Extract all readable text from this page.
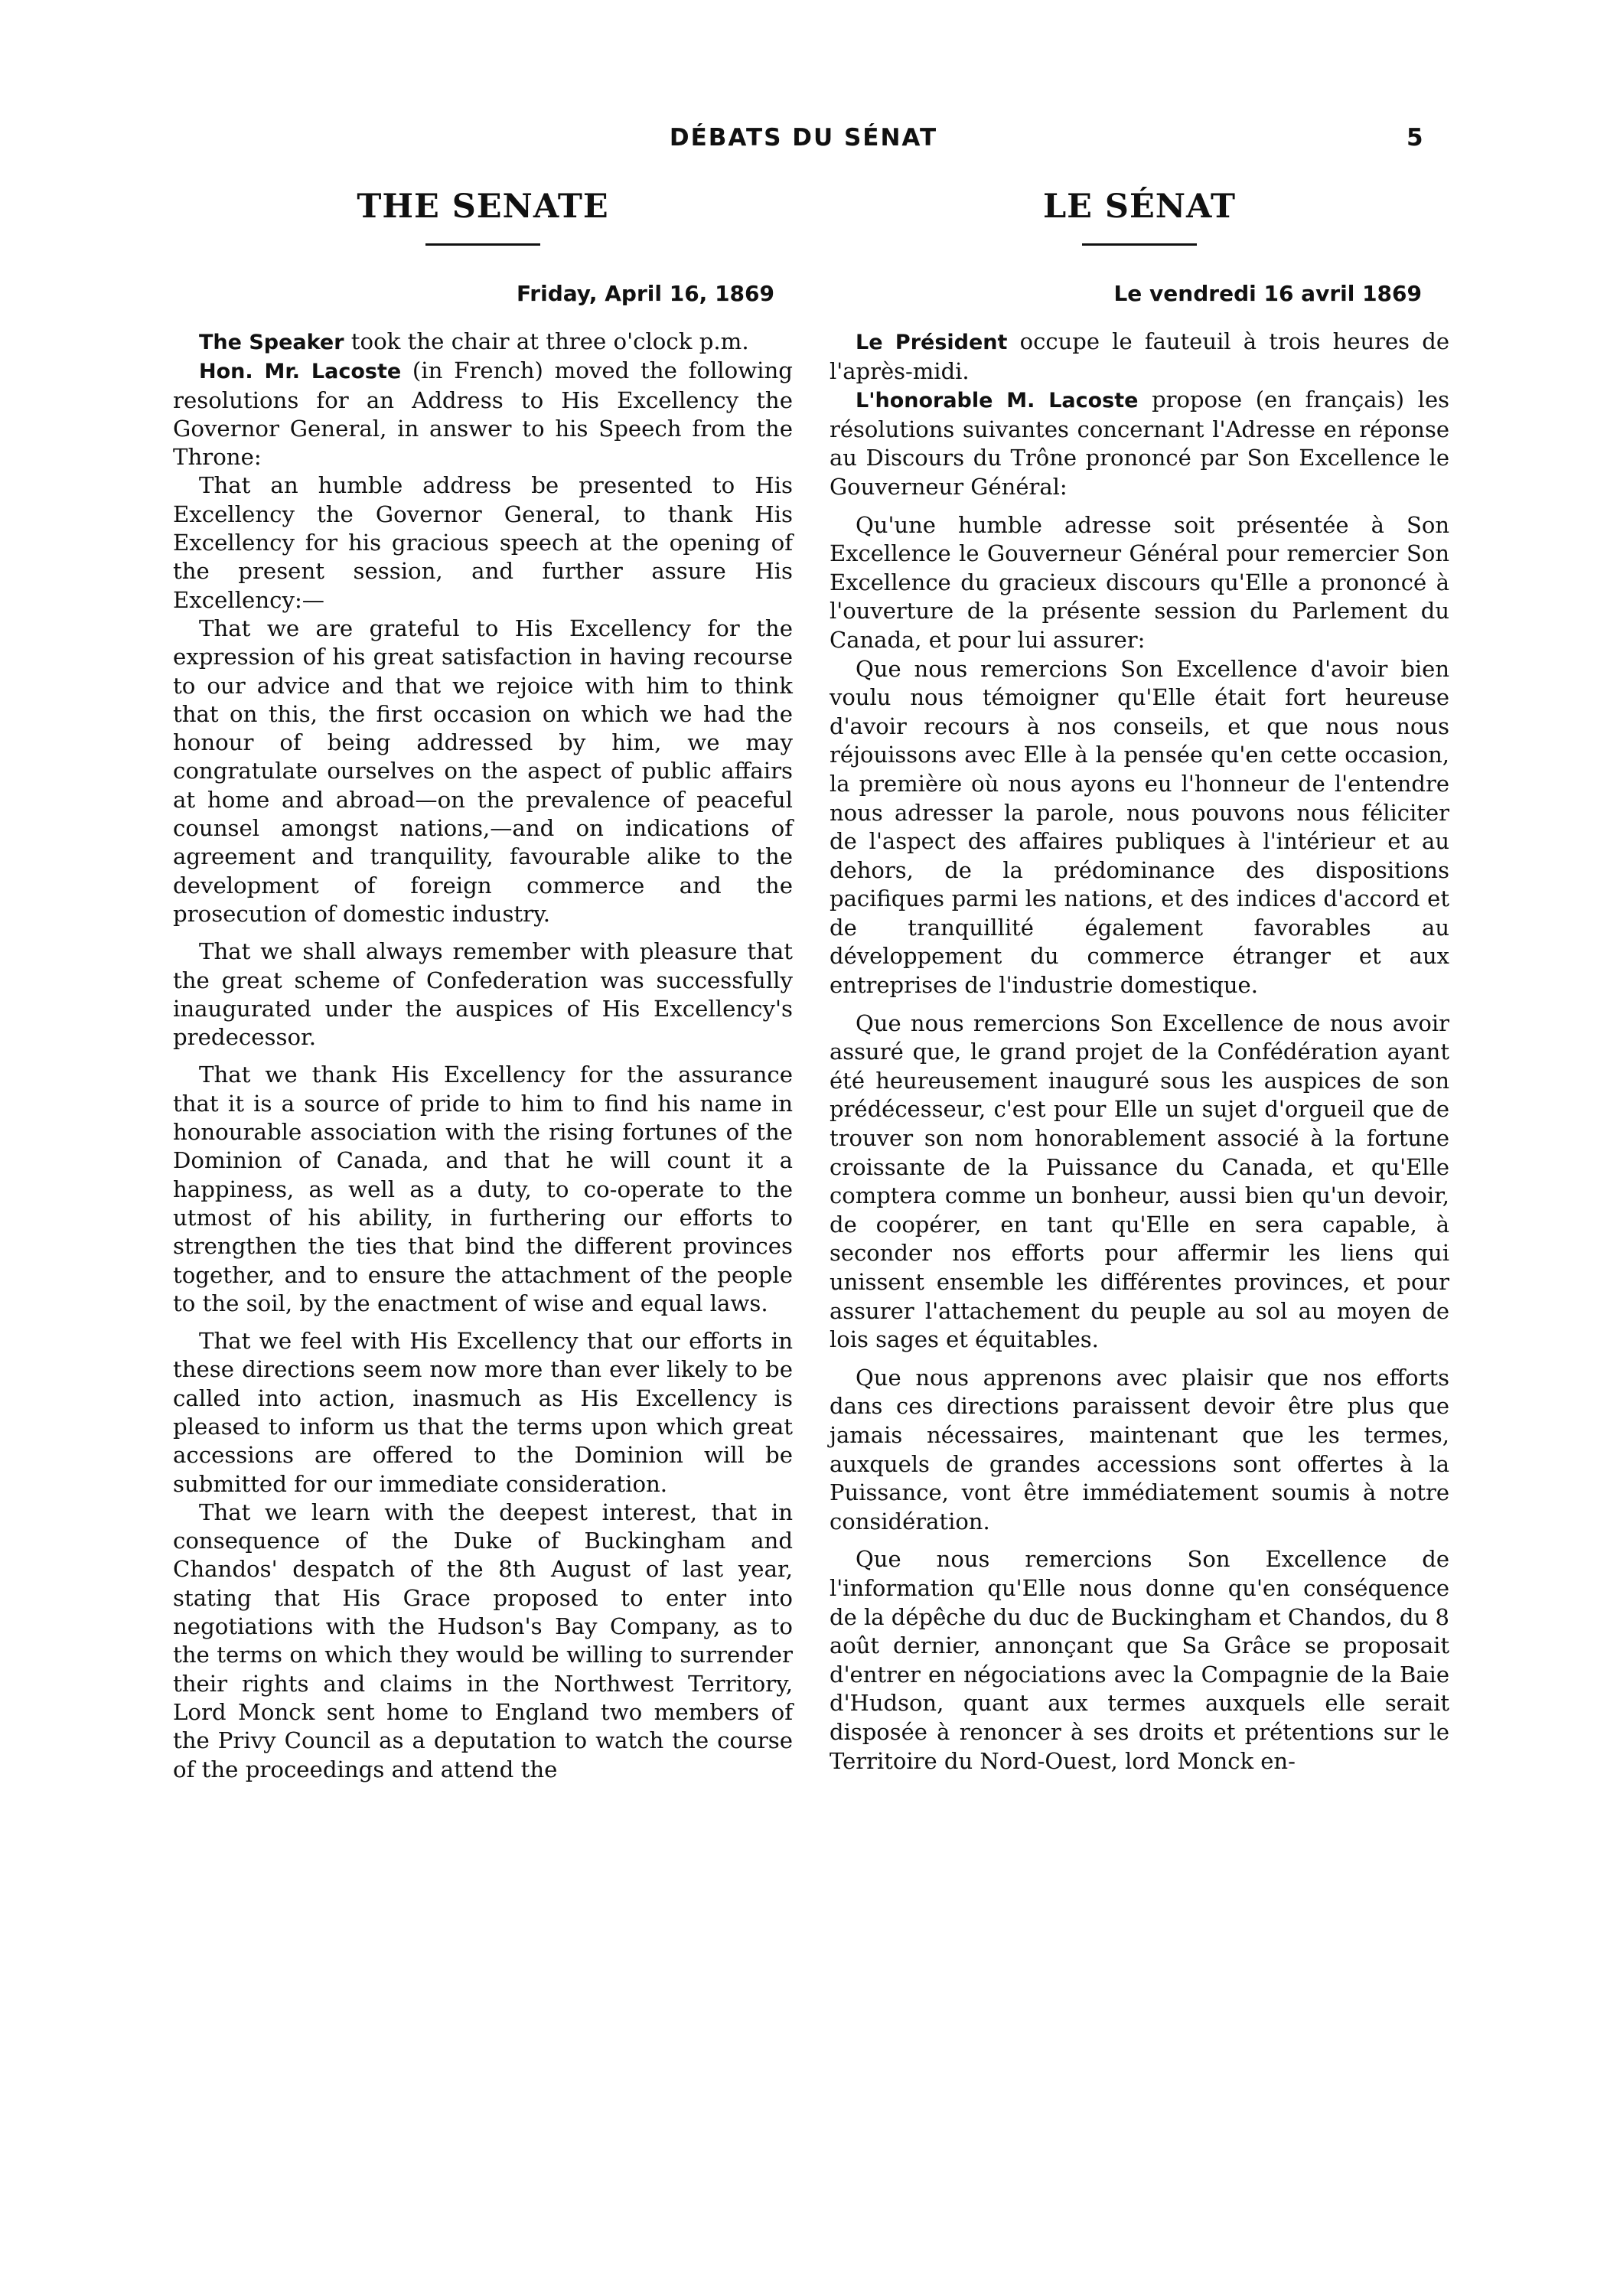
DÉBATS DU SÉNAT	5
THE SENATE
Friday, April 16, 1869

The Speaker took the chair at three o'clock p.m.

Hon. Mr. Lacoste (in French) moved the following resolutions for an Address to His Excellency the Governor General, in answer to his Speech from the Throne:

That an humble address be presented to His Excellency the Governor General, to thank His Excellency for his gracious speech at the opening of the present session, and further assure His Excellency:—

That we are grateful to His Excellency for the expression of his great satisfaction in having recourse to our advice and that we rejoice with him to think that on this, the first occasion on which we had the honour of being addressed by him, we may congratulate ourselves on the aspect of public affairs at home and abroad—on the prevalence of peaceful counsel amongst nations,—and on indications of agreement and tranquility, favourable alike to the development of foreign commerce and the prosecution of domestic industry.

That we shall always remember with pleasure that the great scheme of Confederation was successfully inaugurated under the auspices of His Excellency's predecessor.

That we thank His Excellency for the assurance that it is a source of pride to him to find his name in honourable association with the rising fortunes of the Dominion of Canada, and that he will count it a happiness, as well as a duty, to co-operate to the utmost of his ability, in furthering our efforts to strengthen the ties that bind the different provinces together, and to ensure the attachment of the people to the soil, by the enactment of wise and equal laws.

That we feel with His Excellency that our efforts in these directions seem now more than ever likely to be called into action, inasmuch as His Excellency is pleased to inform us that the terms upon which great accessions are offered to the Dominion will be submitted for our immediate consideration.

That we learn with the deepest interest, that in consequence of the Duke of Buckingham and Chandos' despatch of the 8th August of last year, stating that His Grace proposed to enter into negotiations with the Hudson's Bay Company, as to the terms on which they would be willing to surrender their rights and claims in the Northwest Territory, Lord Monck sent home to England two members of the Privy Council as a deputation to watch the course of the proceedings and attend the

LE SÉNAT
Le vendredi 16 avril 1869

Le Président occupe le fauteuil à trois heures de l'après-midi.

L'honorable M. Lacoste propose (en français) les résolutions suivantes concernant l'Adresse en réponse au Discours du Trône prononcé par Son Excellence le Gouverneur Général:

Qu'une humble adresse soit présentée à Son Excellence le Gouverneur Général pour remercier Son Excellence du gracieux discours qu'Elle a prononcé à l'ouverture de la présente session du Parlement du Canada, et pour lui assurer:

Que nous remercions Son Excellence d'avoir bien voulu nous témoigner qu'Elle était fort heureuse d'avoir recours à nos conseils, et que nous nous réjouissons avec Elle à la pensée qu'en cette occasion, la première où nous ayons eu l'honneur de l'entendre nous adresser la parole, nous pouvons nous féliciter de l'aspect des affaires publiques à l'intérieur et au dehors, de la prédominance des dispositions pacifiques parmi les nations, et des indices d'accord et de tranquillité également favorables au développement du commerce étranger et aux entreprises de l'industrie domestique.

Que nous remercions Son Excellence de nous avoir assuré que, le grand projet de la Confédération ayant été heureusement inauguré sous les auspices de son prédécesseur, c'est pour Elle un sujet d'orgueil que de trouver son nom honorablement associé à la fortune croissante de la Puissance du Canada, et qu'Elle comptera comme un bonheur, aussi bien qu'un devoir, de coopérer, en tant qu'Elle en sera capable, à seconder nos efforts pour affermir les liens qui unissent ensemble les différentes provinces, et pour assurer l'attachement du peuple au sol au moyen de lois sages et équitables.

Que nous apprenons avec plaisir que nos efforts dans ces directions paraissent devoir être plus que jamais nécessaires, maintenant que les termes, auxquels de grandes accessions sont offertes à la Puissance, vont être immédiatement soumis à notre considération.

Que nous remercions Son Excellence de l'information qu'Elle nous donne qu'en conséquence de la dépêche du duc de Buckingham et Chandos, du 8 août dernier, annonçant que Sa Grâce se proposait d'entrer en négociations avec la Compagnie de la Baie d'Hudson, quant aux termes auxquels elle serait disposée à renoncer à ses droits et prétentions sur le Territoire du Nord-Ouest, lord Monck en-
